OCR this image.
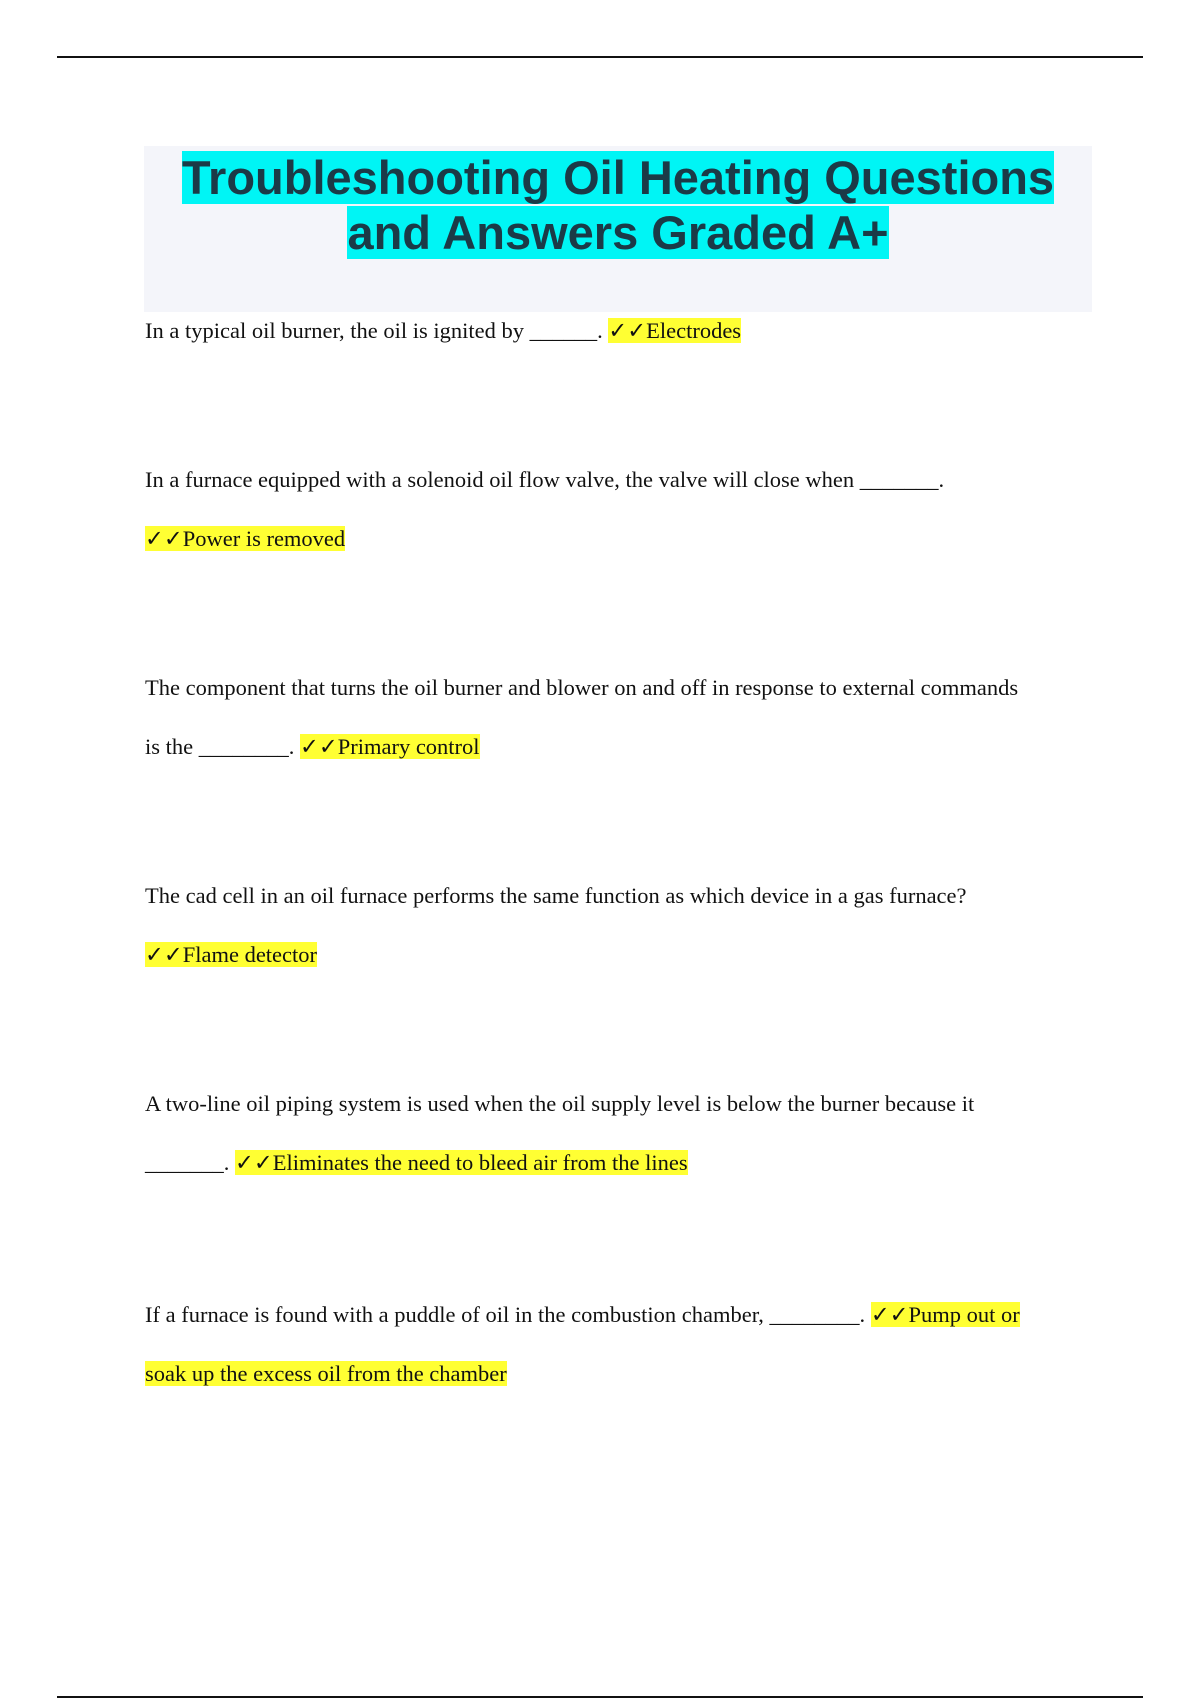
Troubleshooting Oil Heating Questions
and Answers Graded A+

In a typical oil burner, the oil is ignited by ______. ✓✓Electrodes

In a furnace equipped with a solenoid oil flow valve, the valve will close when _______.
✓✓Power is removed

The component that turns the oil burner and blower on and off in response to external commands
is the ________. ✓✓Primary control

The cad cell in an oil furnace performs the same function as which device in a gas furnace?
✓✓Flame detector

A two-line oil piping system is used when the oil supply level is below the burner because it
_______. ✓✓Eliminates the need to bleed air from the lines

If a furnace is found with a puddle of oil in the combustion chamber, ________. ✓✓Pump out or
soak up the excess oil from the chamber
